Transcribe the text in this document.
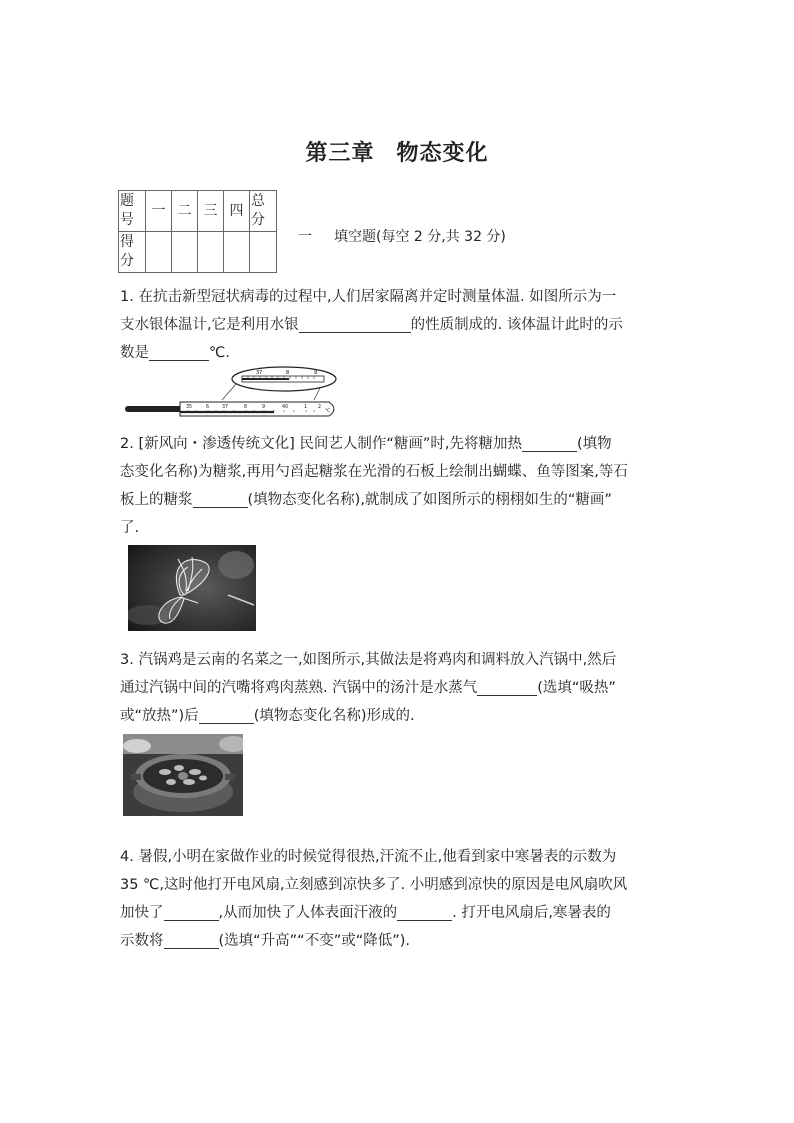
第三章 物态变化
题号	一	二	三	四	总分
得分					
一 填空题(每空 2 分,共 32 分)
1. 在抗击新型冠状病毒的过程中,人们居家隔离并定时测量体温. 如图所示为一
支水银体温计,它是利用水银	的性质制成的. 该体温计此时的示
数是	℃.
37	8	9
35	6	37	8	9	40	1 2
℃
2. [新风向・渗透传统文化] 民间艺人制作“糖画”时,先将糖加热	(填物
态变化名称)为糖浆,再用勺舀起糖浆在光滑的石板上绘制出蝴蝶、鱼等图案,等石
板上的糖浆	(填物态变化名称),就制成了如图所示的栩栩如生的“糖画”
了.
3. 汽锅鸡是云南的名菜之一,如图所示,其做法是将鸡肉和调料放入汽锅中,然后
通过汽锅中间的汽嘴将鸡肉蒸熟. 汽锅中的汤汁是水蒸气	(选填“吸热”
或“放热”)后	(填物态变化名称)形成的.
4. 暑假,小明在家做作业的时候觉得很热,汗流不止,他看到家中寒暑表的示数为
35 ℃,这时他打开电风扇,立刻感到凉快多了. 小明感到凉快的原因是电风扇吹风
加快了	,从而加快了人体表面汗液的	. 打开电风扇后,寒暑表的
示数将	(选填“升高”“不变”或“降低”).
